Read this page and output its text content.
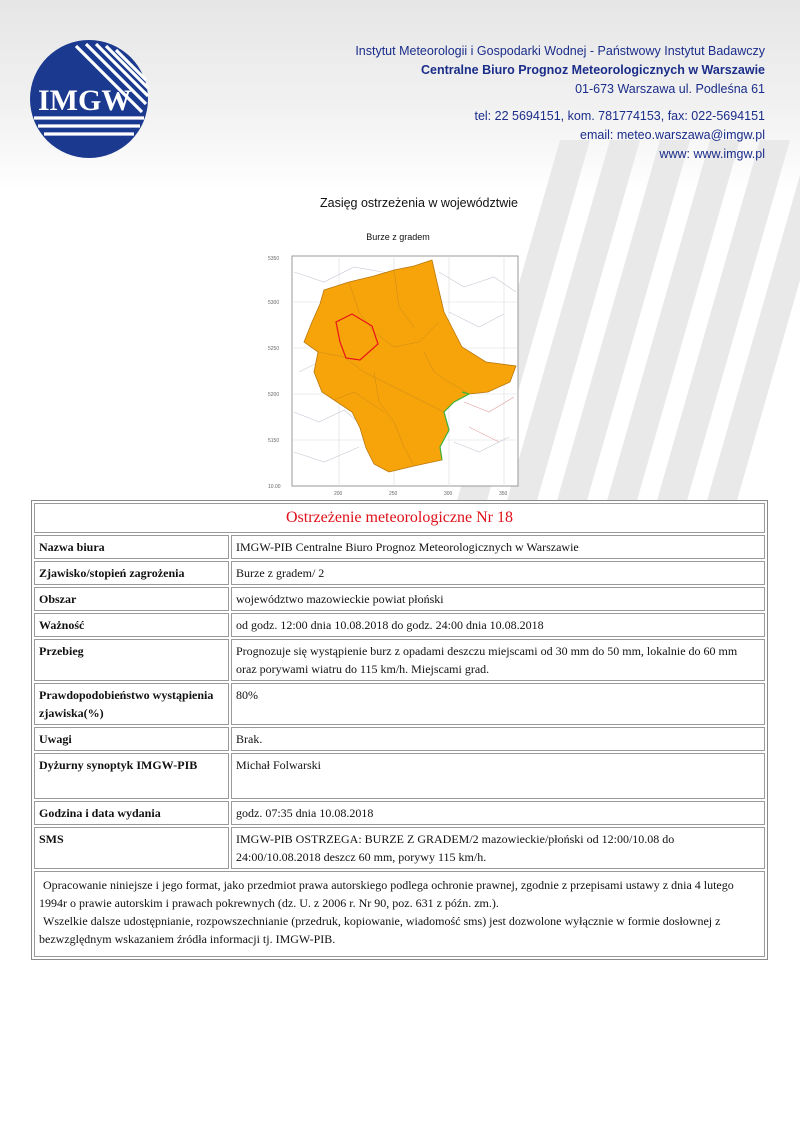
IMGW
Instytut Meteorologii i Gospodarki Wodnej - Państwowy Instytut Badawczy
Centralne Biuro Prognoz Meteorologicznych w Warszawie
01-673 Warszawa ul. Podleśna 61
tel: 22 5694151, kom. 781774153, fax: 022-5694151
email: meteo.warszawa@imgw.pl
www: www.imgw.pl
Zasięg ostrzeżenia w województwie
Burze z gradem
5350
5300
5250
5200
5150
10.00
200	250	300	350
Ostrzeżenie meteorologiczne Nr 18	
Nazwa biura	IMGW-PIB Centralne Biuro Prognoz Meteorologicznych w Warszawie
Zjawisko/stopień zagrożenia	Burze z gradem/ 2
Obszar	województwo mazowieckie powiat płoński
Ważność	od godz. 12:00 dnia 10.08.2018 do godz. 24:00 dnia 10.08.2018
Przebieg	Prognozuje się wystąpienie burz z opadami deszczu miejscami od 30 mm do 50 mm, lokalnie do 60 mm oraz porywami wiatru do 115 km/h. Miejscami grad.
Prawdopodobieństwo wystąpienia zjawiska(%)	80%
Uwagi	Brak.
Dyżurny synoptyk IMGW-PIB	Michał Folwarski
Godzina i data wydania	godz. 07:35 dnia 10.08.2018
SMS	IMGW-PIB OSTRZEGA: BURZE Z GRADEM/2 mazowieckie/płoński od 12:00/10.08 do 24:00/10.08.2018 deszcz 60 mm, porywy 115 km/h.

Opracowanie niniejsze i jego format, jako przedmiot prawa autorskiego podlega ochronie prawnej, zgodnie z przepisami ustawy z dnia 4 lutego 1994r o prawie autorskim i prawach pokrewnych (dz. U. z 2006 r. Nr 90, poz. 631 z późn. zm.).

Wszelkie dalsze udostępnianie, rozpowszechnianie (przedruk, kopiowanie, wiadomość sms) jest dozwolone wyłącznie w formie dosłownej z bezwzględnym wskazaniem źródła informacji tj. IMGW-PIB.	
